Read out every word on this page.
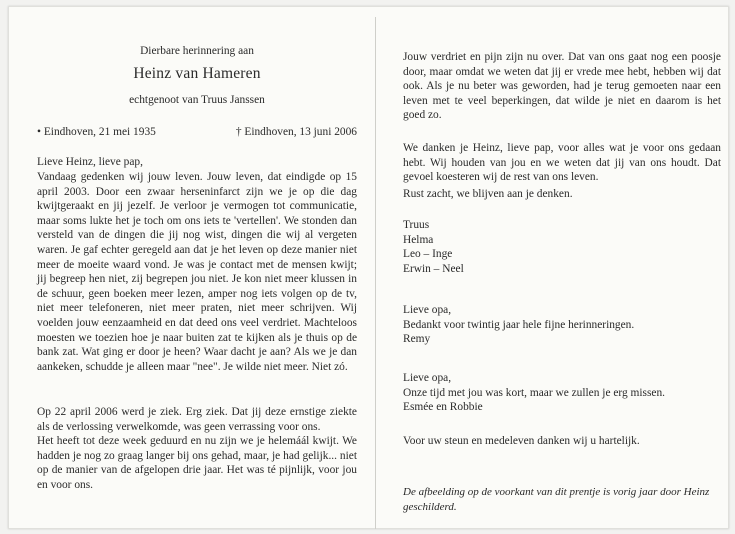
Dierbare herinnering aan
Heinz van Hameren
echtgenoot van Truus Janssen
• Eindhoven, 21 mei 1935	† Eindhoven, 13 juni 2006
Lieve Heinz, lieve pap,

Vandaag gedenken wij jouw leven. Jouw leven, dat eindigde op 15 april 2003. Door een zwaar herseninfarct zijn we je op die dag kwijtgeraakt en jij jezelf. Je verloor je vermogen tot communicatie, maar soms lukte het je toch om ons iets te 'vertellen'. We stonden dan versteld van de dingen die jij nog wist, dingen die wij al vergeten waren. Je gaf echter geregeld aan dat je het leven op deze manier niet meer de moeite waard vond. Je was je contact met de mensen kwijt; jij begreep hen niet, zij begrepen jou niet. Je kon niet meer klussen in de schuur, geen boeken meer lezen, amper nog iets volgen op de tv, niet meer telefoneren, niet meer praten, niet meer schrijven. Wij voelden jouw eenzaamheid en dat deed ons veel verdriet. Machteloos moesten we toezien hoe je naar buiten zat te kijken als je thuis op de bank zat. Wat ging er door je heen? Waar dacht je aan? Als we je dan aankeken, schudde je alleen maar "nee". Je wilde niet meer. Niet zó.

Op 22 april 2006 werd je ziek. Erg ziek. Dat jij deze ernstige ziekte als de verlossing verwelkomde, was geen verrassing voor ons.

Het heeft tot deze week geduurd en nu zijn we je helemáál kwijt. We hadden je nog zo graag langer bij ons gehad, maar, je had gelijk... niet op de manier van de afgelopen drie jaar. Het was té pijnlijk, voor jou en voor ons.

Jouw verdriet en pijn zijn nu over. Dat van ons gaat nog een poosje door, maar omdat we weten dat jij er vrede mee hebt, hebben wij dat ook. Als je nu beter was geworden, had je terug gemoeten naar een leven met te veel beperkingen, dat wilde je niet en daarom is het goed zo.

We danken je Heinz, lieve pap, voor alles wat je voor ons gedaan hebt. Wij houden van jou en we weten dat jij van ons houdt. Dat gevoel koesteren wij de rest van ons leven.

Rust zacht, we blijven aan je denken.

Truus
Helma
Leo – Inge
Erwin – Neel
Lieve opa,
Bedankt voor twintig jaar hele fijne herinneringen.
Remy
Lieve opa,
Onze tijd met jou was kort, maar we zullen je erg missen.
Esmée en Robbie

Voor uw steun en medeleven danken wij u hartelijk.

De afbeelding op de voorkant van dit prentje is vorig jaar door Heinz geschilderd.
